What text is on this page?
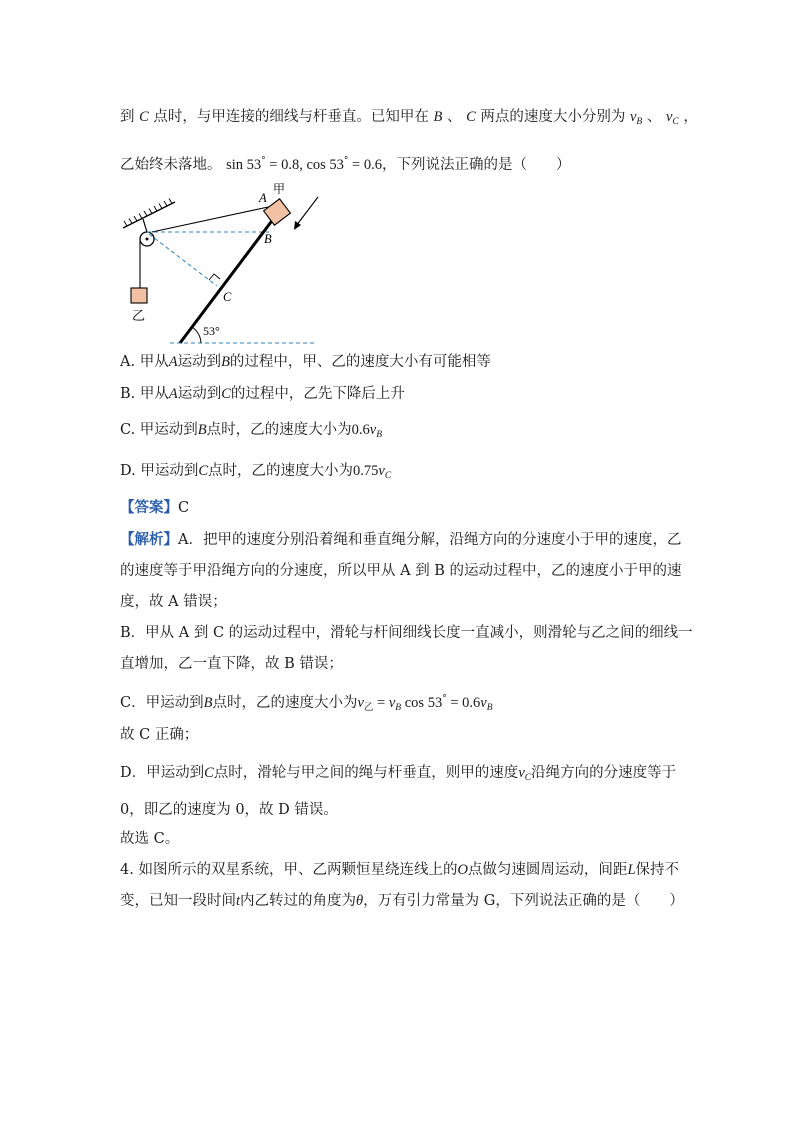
到 C 点时，与甲连接的细线与杆垂直。已知甲在 B 、 C 两点的速度大小分别为 $v_B$ 、 $v_C$ ，
乙始终未落地。 sin 53° = 0.8, cos 53° = 0.6，下列说法正确的是（　　）
乙
53°
A
甲
B
C
A. 甲从A运动到B的过程中，甲、乙的速度大小有可能相等
B. 甲从A运动到C的过程中，乙先下降后上升
C. 甲运动到B点时，乙的速度大小为$0.6v_B$
D. 甲运动到C点时，乙的速度大小为$0.75v_C$
【答案】C
【解析】A．把甲的速度分别沿着绳和垂直绳分解，沿绳方向的分速度小于甲的速度，乙
的速度等于甲沿绳方向的分速度，所以甲从 A 到 B 的运动过程中，乙的速度小于甲的速
度，故 A 错误；
B．甲从 A 到 C 的运动过程中，滑轮与杆间细线长度一直减小，则滑轮与乙之间的细线一
直增加，乙一直下降，故 B 错误；
C．甲运动到B点时，乙的速度大小为$v_乙 = v_B$ $\cos 53^\circ = 0.6v_B$
故 C 正确；
D．甲运动到C点时，滑轮与甲之间的绳与杆垂直，则甲的速度$v_C$沿绳方向的分速度等于
0，即乙的速度为 0，故 D 错误。
故选 C。
4. 如图所示的双星系统，甲、乙两颗恒星绕连线上的O点做匀速圆周运动，间距L保持不
变，已知一段时间t内乙转过的角度为θ，万有引力常量为 G，下列说法正确的是（　　）
